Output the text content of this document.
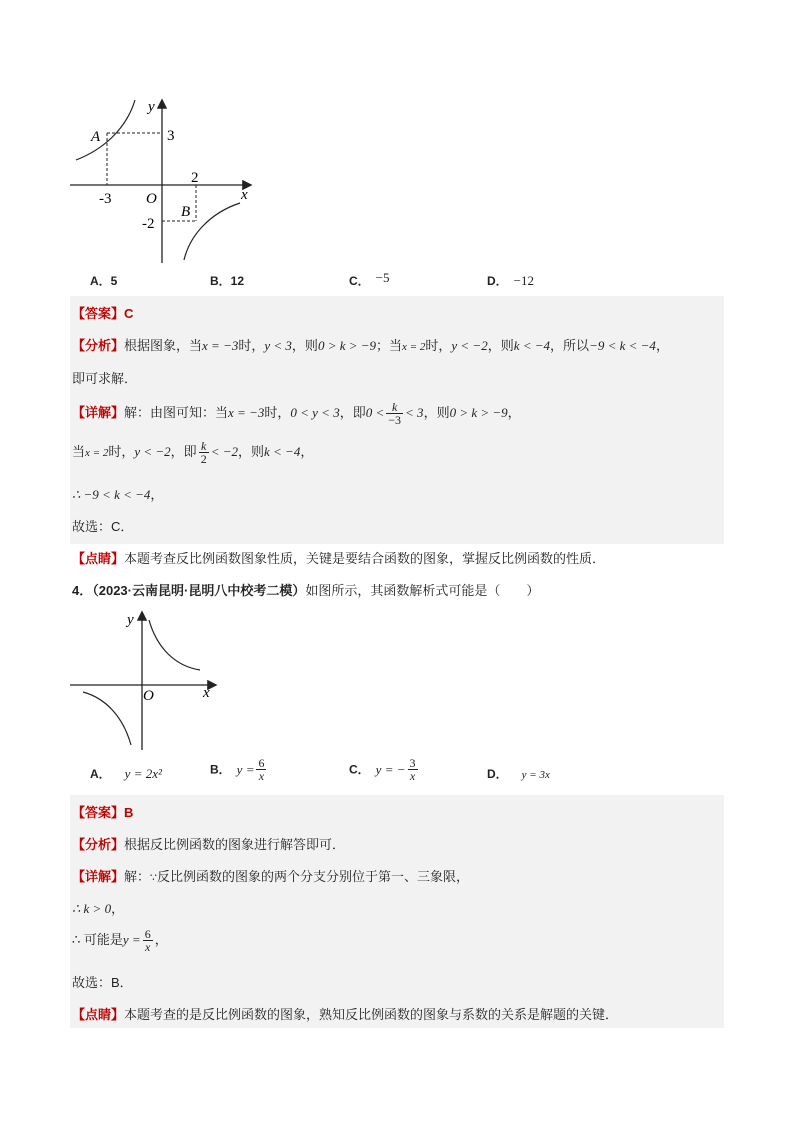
y
x
O
A
B
3
-3
2
-2
A．5	B．12	C． −5	D． −12
【答案】C
【分析】根据图象，当x = −3时，y < 3，则0 > k > −9；当x = 2时，y < −2，则k < −4，所以−9 < k < −4，
即可求解．
【详解】解：由图可知：当x = −3时，0 < y < 3，即$0 < \frac{k}{-3} < 3$，则0 > k > −9，
当x = 2时，y < −2，即 $\frac{k}{2} < -2$，则k < −4，
∴ −9 < k < −4，
故选：C．
【点睛】本题考查反比例函数图象性质，关键是要结合函数的图象，掌握反比例函数的性质．
4．（2023·云南昆明·昆明八中校考二模）如图所示，其函数解析式可能是（　　）
y
x
O
A． y = 2x²	B． $y = \frac{6}{x}$	C． y = − $\frac{3}{x}$	D． y = 3x
【答案】B
【分析】根据反比例函数的图象进行解答即可．
【详解】解：∵反比例函数的图象的两个分支分别位于第一、三象限，
∴ k > 0，
∴ 可能是$y = \frac{6}{x}$ ，
故选：B．
【点睛】本题考查的是反比例函数的图象，熟知反比例函数的图象与系数的关系是解题的关键．
